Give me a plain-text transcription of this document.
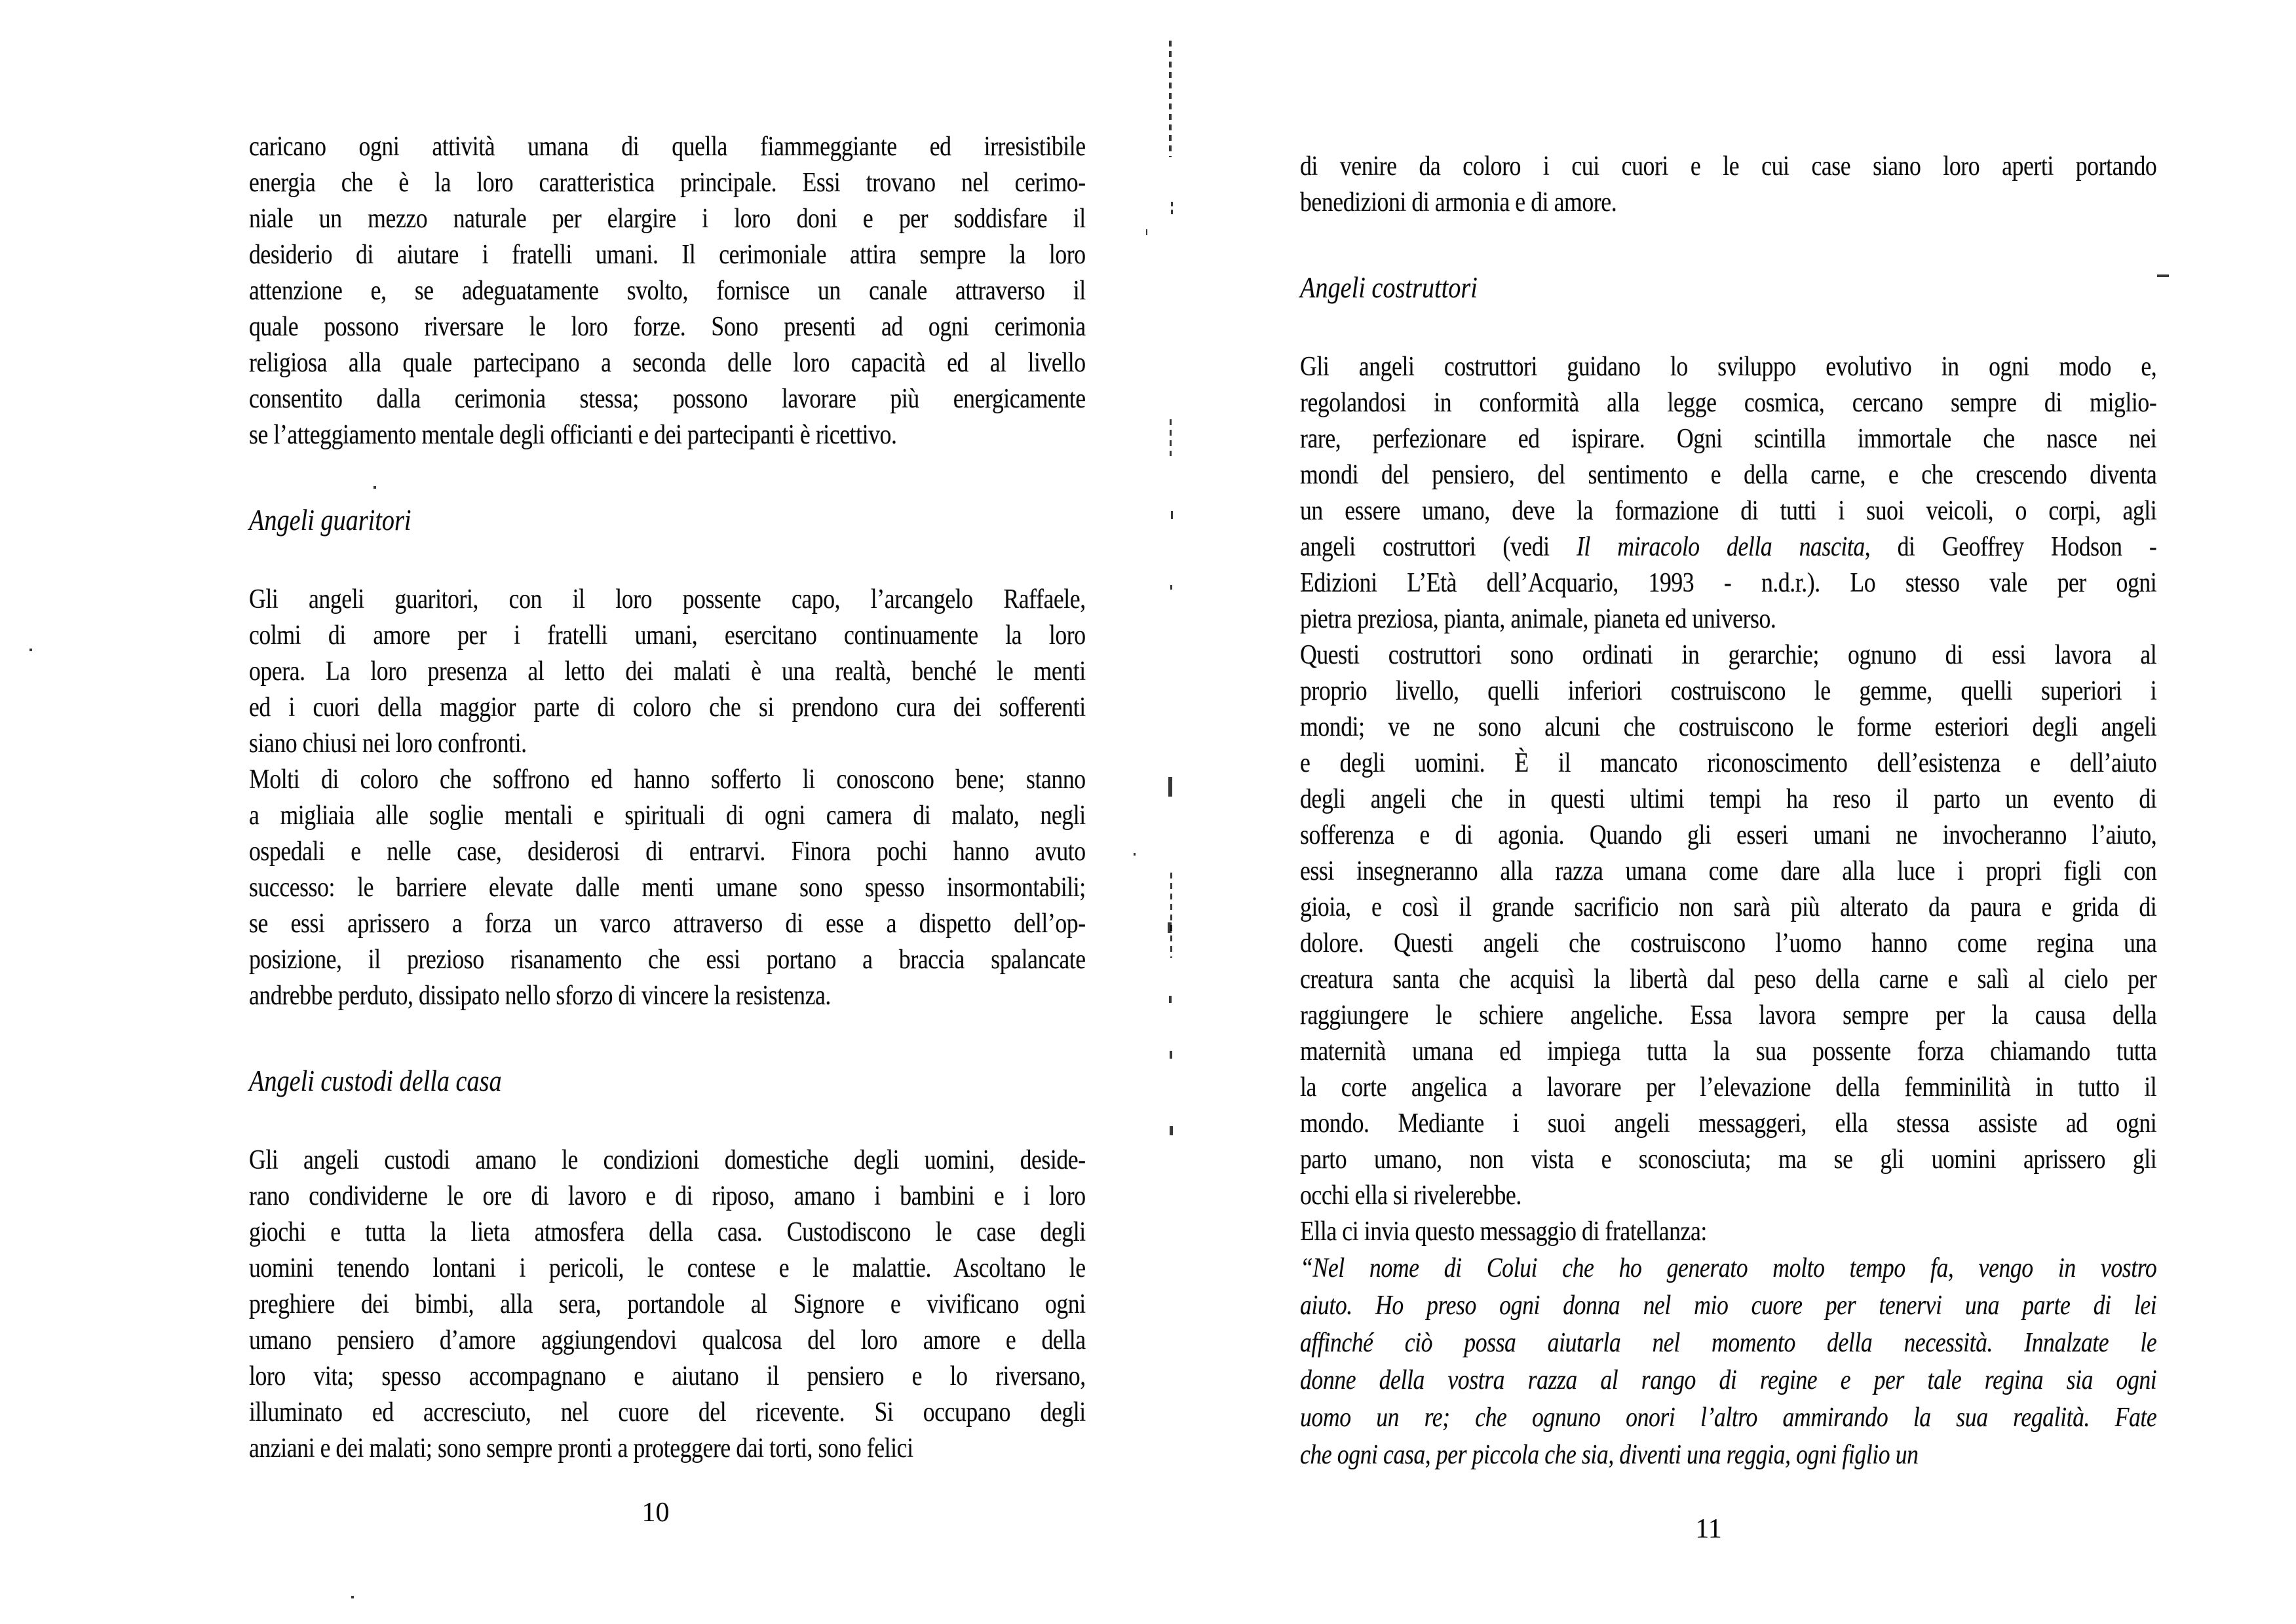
caricano ogni attività umana di quella fiammeggiante ed irresistibile
energia che è la loro caratteristica principale. Essi trovano nel cerimo-
niale un mezzo naturale per elargire i loro doni e per soddisfare il
desiderio di aiutare i fratelli umani. Il cerimoniale attira sempre la loro
attenzione e, se adeguatamente svolto, fornisce un canale attraverso il
quale possono riversare le loro forze. Sono presenti ad ogni cerimonia
religiosa alla quale partecipano a seconda delle loro capacità ed al livello
consentito dalla cerimonia stessa; possono lavorare più energicamente
se l’atteggiamento mentale degli officianti e dei partecipanti è ricettivo.
Angeli guaritori
Gli angeli guaritori, con il loro possente capo, l’arcangelo Raffaele,
colmi di amore per i fratelli umani, esercitano continuamente la loro
opera. La loro presenza al letto dei malati è una realtà, benché le menti
ed i cuori della maggior parte di coloro che si prendono cura dei sofferenti
siano chiusi nei loro confronti.
Molti di coloro che soffrono ed hanno sofferto li conoscono bene; stanno
a migliaia alle soglie mentali e spirituali di ogni camera di malato, negli
ospedali e nelle case, desiderosi di entrarvi. Finora pochi hanno avuto
successo: le barriere elevate dalle menti umane sono spesso insormontabili;
se essi aprissero a forza un varco attraverso di esse a dispetto dell’op-
posizione, il prezioso risanamento che essi portano a braccia spalancate
andrebbe perduto, dissipato nello sforzo di vincere la resistenza.
Angeli custodi della casa
Gli angeli custodi amano le condizioni domestiche degli uomini, deside-
rano condividerne le ore di lavoro e di riposo, amano i bambini e i loro
giochi e tutta la lieta atmosfera della casa. Custodiscono le case degli
uomini tenendo lontani i pericoli, le contese e le malattie. Ascoltano le
preghiere dei bimbi, alla sera, portandole al Signore e vivificano ogni
umano pensiero d’amore aggiungendovi qualcosa del loro amore e della
loro vita; spesso accompagnano e aiutano il pensiero e lo riversano,
illuminato ed accresciuto, nel cuore del ricevente. Si occupano degli
anziani e dei malati; sono sempre pronti a proteggere dai torti, sono felici
di venire da coloro i cui cuori e le cui case siano loro aperti portando
benedizioni di armonia e di amore.
Angeli costruttori
Gli angeli costruttori guidano lo sviluppo evolutivo in ogni modo e,
regolandosi in conformità alla legge cosmica, cercano sempre di miglio-
rare, perfezionare ed ispirare. Ogni scintilla immortale che nasce nei
mondi del pensiero, del sentimento e della carne, e che crescendo diventa
un essere umano, deve la formazione di tutti i suoi veicoli, o corpi, agli
angeli costruttori (vedi Il miracolo della nascita, di Geoffrey Hodson -
Edizioni L’Età dell’Acquario, 1993 - n.d.r.). Lo stesso vale per ogni
pietra preziosa, pianta, animale, pianeta ed universo.
Questi costruttori sono ordinati in gerarchie; ognuno di essi lavora al
proprio livello, quelli inferiori costruiscono le gemme, quelli superiori i
mondi; ve ne sono alcuni che costruiscono le forme esteriori degli angeli
e degli uomini. È il mancato riconoscimento dell’esistenza e dell’aiuto
degli angeli che in questi ultimi tempi ha reso il parto un evento di
sofferenza e di agonia. Quando gli esseri umani ne invocheranno l’aiuto,
essi insegneranno alla razza umana come dare alla luce i propri figli con
gioia, e così il grande sacrificio non sarà più alterato da paura e grida di
dolore. Questi angeli che costruiscono l’uomo hanno come regina una
creatura santa che acquisì la libertà dal peso della carne e salì al cielo per
raggiungere le schiere angeliche. Essa lavora sempre per la causa della
maternità umana ed impiega tutta la sua possente forza chiamando tutta
la corte angelica a lavorare per l’elevazione della femminilità in tutto il
mondo. Mediante i suoi angeli messaggeri, ella stessa assiste ad ogni
parto umano, non vista e sconosciuta; ma se gli uomini aprissero gli
occhi ella si rivelerebbe.
Ella ci invia questo messaggio di fratellanza:
“Nel nome di Colui che ho generato molto tempo fa, vengo in vostro
aiuto. Ho preso ogni donna nel mio cuore per tenervi una parte di lei
affinché ciò possa aiutarla nel momento della necessità. Innalzate le
donne della vostra razza al rango di regine e per tale regina sia ogni
uomo un re; che ognuno onori l’altro ammirando la sua regalità. Fate
che ogni casa, per piccola che sia, diventi una reggia, ogni figlio un
10
11
